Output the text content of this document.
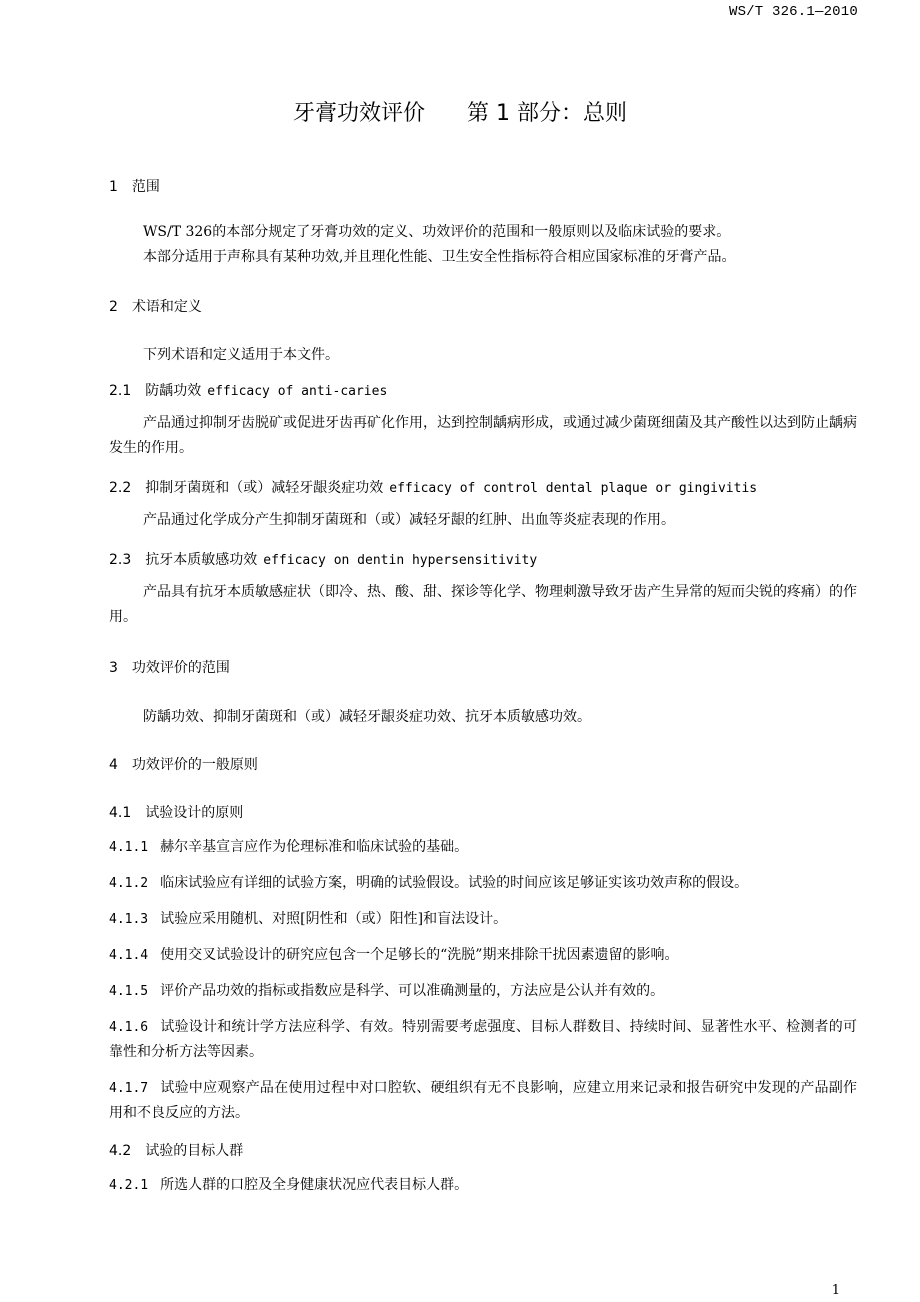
WS/T 326.1—2010
牙膏功效评价      第 1 部分：总则
1 范围
WS/T 326的本部分规定了牙膏功效的定义、功效评价的范围和一般原则以及临床试验的要求。
本部分适用于声称具有某种功效,并且理化性能、卫生安全性指标符合相应国家标准的牙膏产品。
2 术语和定义
下列术语和定义适用于本文件。
2.1 防龋功效 efficacy of anti-caries
产品通过抑制牙齿脱矿或促进牙齿再矿化作用，达到控制龋病形成，或通过减少菌斑细菌及其产酸性以达到防止龋病发生的作用。
2.2 抑制牙菌斑和（或）减轻牙龈炎症功效 efficacy of control dental plaque or gingivitis
产品通过化学成分产生抑制牙菌斑和（或）减轻牙龈的红肿、出血等炎症表现的作用。
2.3 抗牙本质敏感功效 efficacy on dentin hypersensitivity
产品具有抗牙本质敏感症状（即冷、热、酸、甜、探诊等化学、物理刺激导致牙齿产生异常的短而尖锐的疼痛）的作用。
3 功效评价的范围
防龋功效、抑制牙菌斑和（或）减轻牙龈炎症功效、抗牙本质敏感功效。
4 功效评价的一般原则
4.1 试验设计的原则
4.1.1 赫尔辛基宣言应作为伦理标准和临床试验的基础。
4.1.2 临床试验应有详细的试验方案，明确的试验假设。试验的时间应该足够证实该功效声称的假设。
4.1.3 试验应采用随机、对照[阴性和（或）阳性]和盲法设计。
4.1.4 使用交叉试验设计的研究应包含一个足够长的“洗脱”期来排除干扰因素遗留的影响。
4.1.5 评价产品功效的指标或指数应是科学、可以准确测量的，方法应是公认并有效的。
4.1.6 试验设计和统计学方法应科学、有效。特别需要考虑强度、目标人群数目、持续时间、显著性水平、检测者的可靠性和分析方法等因素。
4.1.7 试验中应观察产品在使用过程中对口腔软、硬组织有无不良影响，应建立用来记录和报告研究中发现的产品副作用和不良反应的方法。
4.2 试验的目标人群
4.2.1 所选人群的口腔及全身健康状况应代表目标人群。
1
